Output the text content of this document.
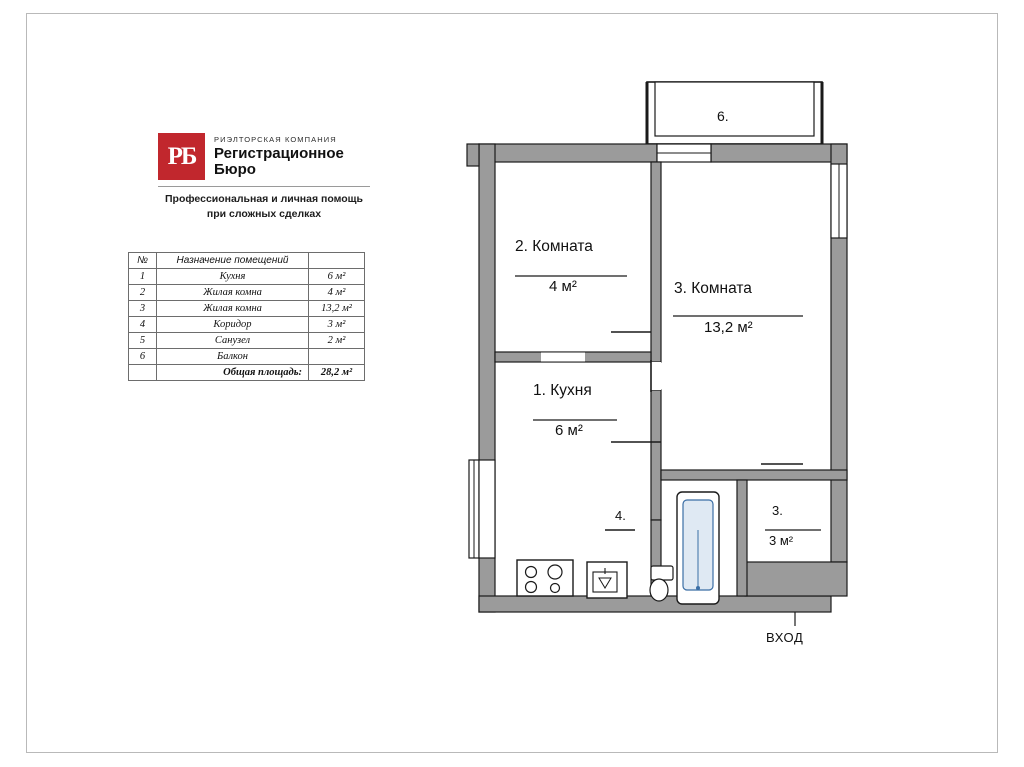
РБ
РИЭЛТОРСКАЯ КОМПАНИЯ
Регистрационное
Бюро
Профессиональная и личная помощь
при сложных сделках
№	Назначение помещений	
1	Кухня	6 м²
2	Жилая комна	4 м²
3	Жилая комна	13,2 м²
4	Коридор	3 м²
5	Санузел	2 м²
6	Балкон	
	Общая площадь:	28,2 м²
6.
2. Комната
4 м²	3. Комната
13,2 м²
1. Кухня
6 м²
4.	3.
3 м²
ВХОД
